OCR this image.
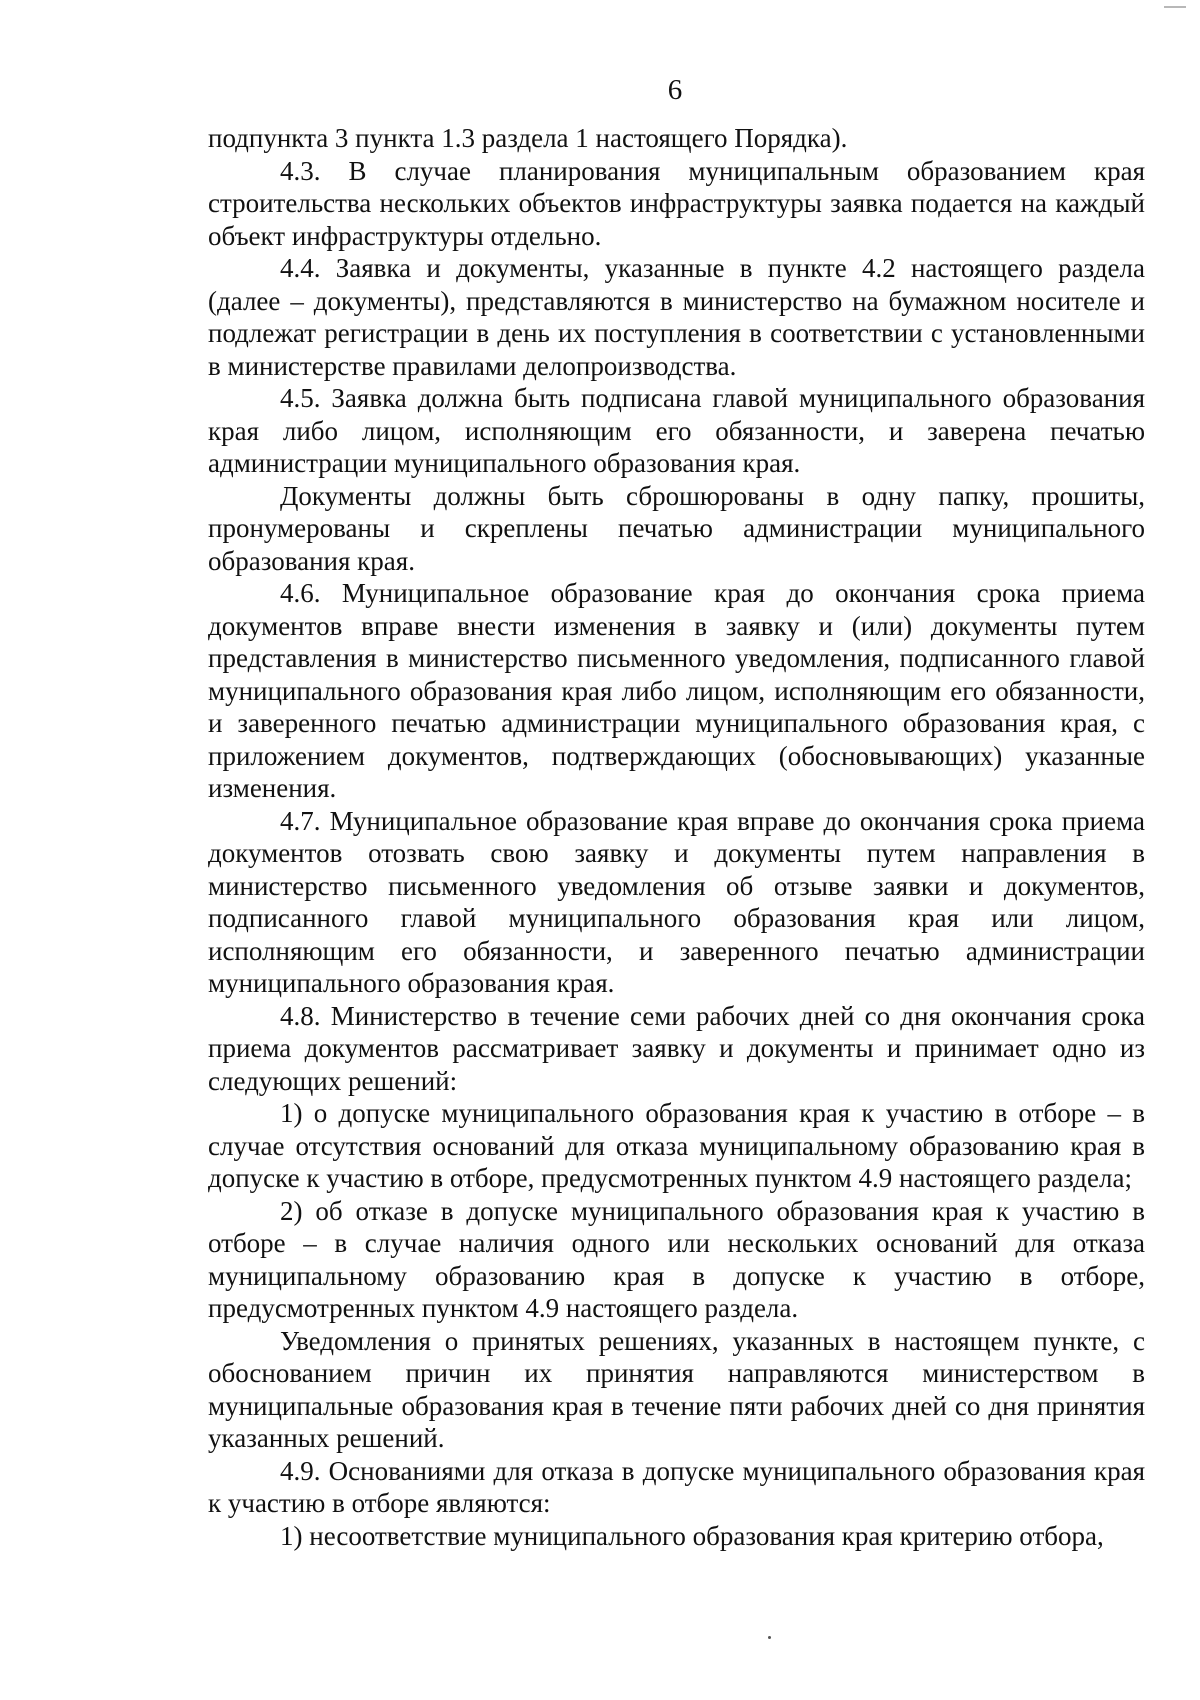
6

подпункта 3 пункта 1.3 раздела 1 настоящего Порядка).

4.3. В случае планирования муниципальным образованием края строительства нескольких объектов инфраструктуры заявка подается на каждый объект инфраструктуры отдельно.

4.4. Заявка и документы, указанные в пункте 4.2 настоящего раздела (далее – документы), представляются в министерство на бумажном носителе и подлежат регистрации в день их поступления в соответствии с установленными в министерстве правилами делопроизводства.

4.5. Заявка должна быть подписана главой муниципального образования края либо лицом, исполняющим его обязанности, и заверена печатью администрации муниципального образования края.

Документы должны быть сброшюрованы в одну папку, прошиты, пронумерованы и скреплены печатью администрации муниципального образования края.

4.6. Муниципальное образование края до окончания срока приема документов вправе внести изменения в заявку и (или) документы путем представления в министерство письменного уведомления, подписанного главой муниципального образования края либо лицом, исполняющим его обязанности, и заверенного печатью администрации муниципального образования края, с приложением документов, подтверждающих (обосновывающих) указанные изменения.

4.7. Муниципальное образование края вправе до окончания срока приема документов отозвать свою заявку и документы путем направления в министерство письменного уведомления об отзыве заявки и документов, подписанного главой муниципального образования края или лицом, исполняющим его обязанности, и заверенного печатью администрации муниципального образования края.

4.8. Министерство в течение семи рабочих дней со дня окончания срока приема документов рассматривает заявку и документы и принимает одно из следующих решений:

1) о допуске муниципального образования края к участию в отборе – в случае отсутствия оснований для отказа муниципальному образованию края в допуске к участию в отборе, предусмотренных пунктом 4.9 настоящего раздела;

2) об отказе в допуске муниципального образования края к участию в отборе – в случае наличия одного или нескольких оснований для отказа муниципальному образованию края в допуске к участию в отборе, предусмотренных пунктом 4.9 настоящего раздела.

Уведомления о принятых решениях, указанных в настоящем пункте, с обоснованием причин их принятия направляются министерством в муниципальные образования края в течение пяти рабочих дней со дня принятия указанных решений.

4.9. Основаниями для отказа в допуске муниципального образования края к участию в отборе являются:

1) несоответствие муниципального образования края критерию отбора,
